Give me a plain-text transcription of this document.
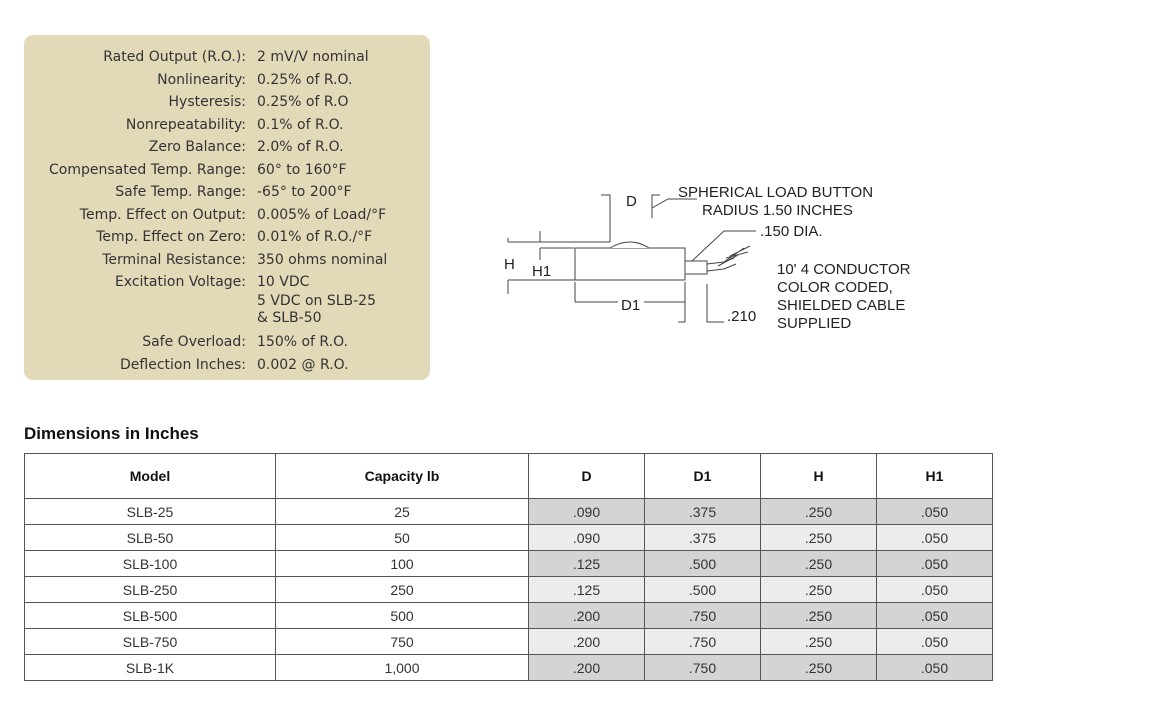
Rated Output (R.O.):	2 mV/V nominal
Nonlinearity:	0.25% of R.O.
Hysteresis:	0.25% of R.O
Nonrepeatability:	0.1% of R.O.
Zero Balance:	2.0% of R.O.
Compensated Temp. Range:	60° to 160°F
Safe Temp. Range:	-65° to 200°F
Temp. Effect on Output:	0.005% of Load/°F
Temp. Effect on Zero:	0.01% of R.O./°F
Terminal Resistance:	350 ohms nominal
Excitation Voltage:	10 VDC
5 VDC on SLB-25
& SLB-50

Safe Overload:	150% of R.O.
Deflection Inches:	0.002 @ R.O.
D
SPHERICAL LOAD BUTTON
RADIUS 1.50 INCHES
.150 DIA.
H H1
D1
.210
10' 4 CONDUCTOR
COLOR CODED,
SHIELDED CABLE
SUPPLIED
Dimensions in Inches
Model	Capacity lb	D	D1	H	H1
SLB-25	25	.090	.375	.250	.050
SLB-50	50	.090	.375	.250	.050
SLB-100	100	.125	.500	.250	.050
SLB-250	250	.125	.500	.250	.050
SLB-500	500	.200	.750	.250	.050
SLB-750	750	.200	.750	.250	.050
SLB-1K	1,000	.200	.750	.250	.050
